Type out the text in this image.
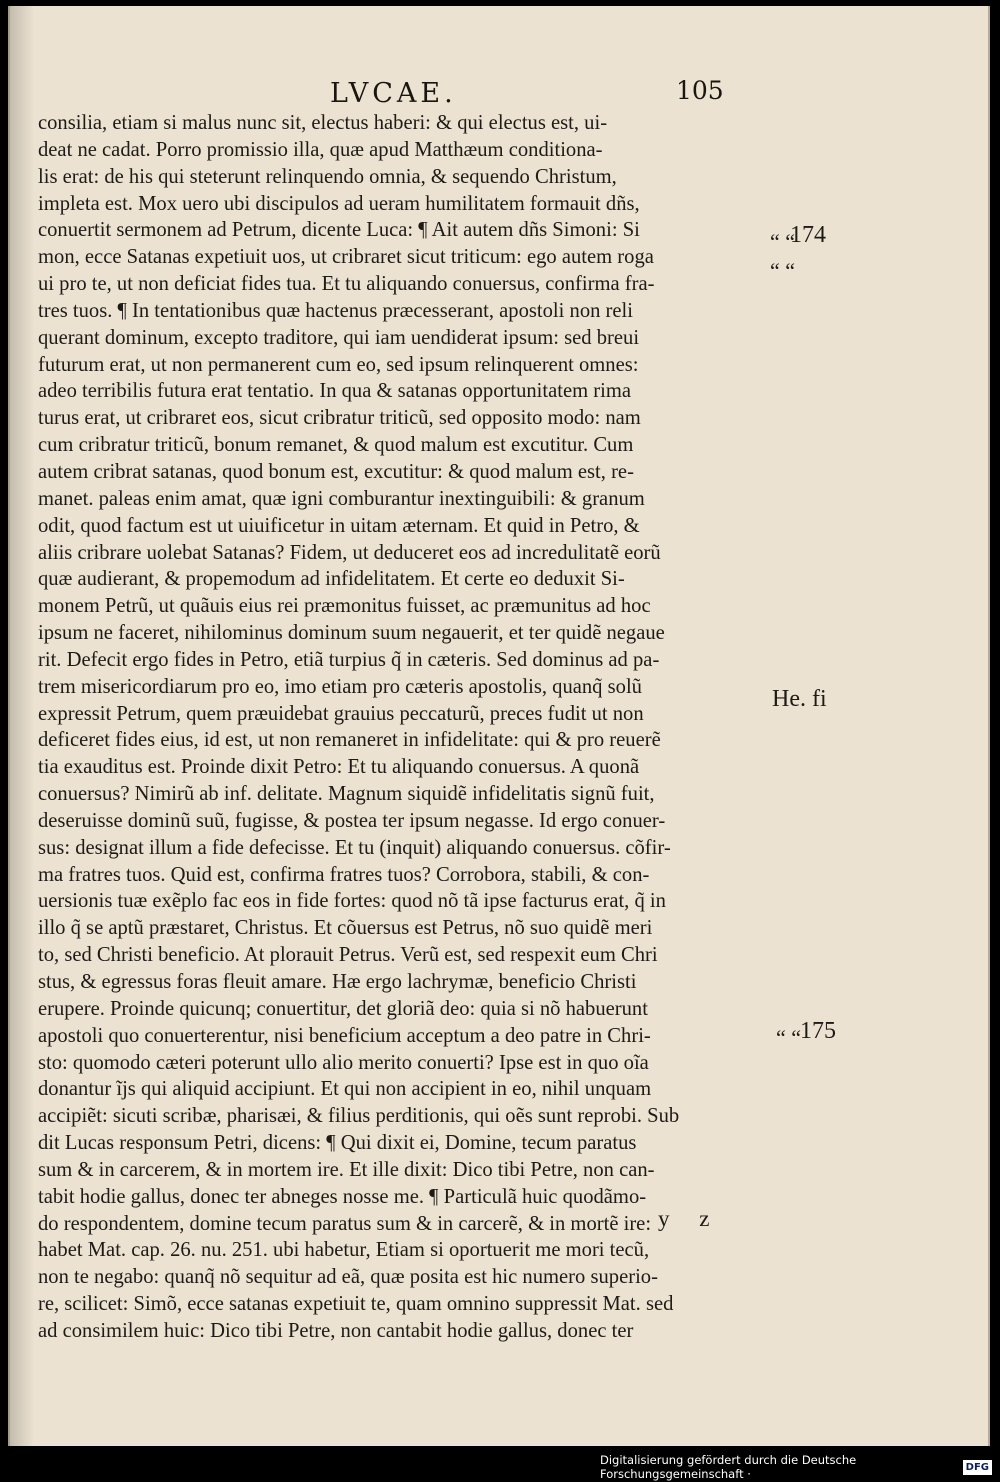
LVCAE.	105
consilia, etiam si malus nunc sit, electus haberi: & qui electus est, ui-
deat ne cadat. Porro promissio illa, quæ apud Matthæum conditiona-
lis erat: de his qui steterunt relinquendo omnia, & sequendo Christum,
impleta est. Mox uero ubi discipulos ad ueram humilitatem formauit dñs,
conuertit sermonem ad Petrum, dicente Luca: ¶ Ait autem dñs Simoni: Si
mon, ecce Satanas expetiuit uos, ut cribraret sicut triticum: ego autem roga
ui pro te, ut non deficiat fides tua. Et tu aliquando conuersus, confirma fra-
tres tuos. ¶ In tentationibus quæ hactenus præcesserant, apostoli non reli
querant dominum, excepto traditore, qui iam uendiderat ipsum: sed breui
futurum erat, ut non permanerent cum eo, sed ipsum relinquerent omnes:
adeo terribilis futura erat tentatio. In qua & satanas opportunitatem rima
turus erat, ut cribraret eos, sicut cribratur triticũ, sed opposito modo: nam
cum cribratur triticũ, bonum remanet, & quod malum est excutitur. Cum
autem cribrat satanas, quod bonum est, excutitur: & quod malum est, re-
manet. paleas enim amat, quæ igni comburantur inextinguibili: & granum
odit, quod factum est ut uiuificetur in uitam æternam. Et quid in Petro, &
aliis cribrare uolebat Satanas? Fidem, ut deduceret eos ad incredulitatẽ eorũ
quæ audierant, & propemodum ad infidelitatem. Et certe eo deduxit Si-
monem Petrũ, ut quãuis eius rei præmonitus fuisset, ac præmunitus ad hoc
ipsum ne faceret, nihilominus dominum suum negauerit, et ter quidẽ negaue
rit. Defecit ergo fides in Petro, etiã turpius q̃ in cæteris. Sed dominus ad pa-
trem misericordiarum pro eo, imo etiam pro cæteris apostolis, quanq̃ solũ
expressit Petrum, quem præuidebat grauius peccaturũ, preces fudit ut non
deficeret fides eius, id est, ut non remaneret in infidelitate: qui & pro reuerẽ
tia exauditus est. Proinde dixit Petro: Et tu aliquando conuersus. A quonã
conuersus? Nimirũ ab inf. delitate. Magnum siquidẽ infidelitatis signũ fuit,
deseruisse dominũ suũ, fugisse, & postea ter ipsum negasse. Id ergo conuer-
sus: designat illum a fide defecisse. Et tu (inquit) aliquando conuersus. cõfir-
ma fratres tuos. Quid est, confirma fratres tuos? Corrobora, stabili, & con-
uersionis tuæ exẽplo fac eos in fide fortes: quod nõ tã ipse facturus erat, q̃ in
illo q̃ se aptũ præstaret, Christus. Et cõuersus est Petrus, nõ suo quidẽ meri
to, sed Christi beneficio. At plorauit Petrus. Verũ est, sed respexit eum Chri
stus, & egressus foras fleuit amare. Hæ ergo lachrymæ, beneficio Christi
erupere. Proinde quicunq; conuertitur, det gloriã deo: quia si nõ habuerunt
apostoli quo conuerterentur, nisi beneficium acceptum a deo patre in Chri-
sto: quomodo cæteri poterunt ullo alio merito conuerti? Ipse est in quo oĩa
donantur ĩjs qui aliquid accipiunt. Et qui non accipient in eo, nihil unquam
accipiẽt: sicuti scribæ, pharisæi, & filius perditionis, qui oẽs sunt reprobi. Sub
dit Lucas responsum Petri, dicens: ¶ Qui dixit ei, Domine, tecum paratus
sum & in carcerem, & in mortem ire. Et ille dixit: Dico tibi Petre, non can-
tabit hodie gallus, donec ter abneges nosse me. ¶ Particulã huic quodãmo-
do respondentem, domine tecum paratus sum & in carcerẽ, & in mortẽ ire:
habet Mat. cap. 26. nu. 251. ubi habetur, Etiam si oportuerit me mori tecũ,
non te negabo: quanq̃ nõ sequitur ad eã, quæ posita est hic numero superio-
re, scilicet: Simõ, ecce satanas expetiuit te, quam omnino suppressit Mat. sed
ad consimilem huic: Dico tibi Petre, non cantabit hodie gallus, donec ter
“ “
174
“ “
He. fi
“ “
175
y z
Digitalisierung gefördert durch die Deutsche Forschungsgemeinschaft ·	DFG
